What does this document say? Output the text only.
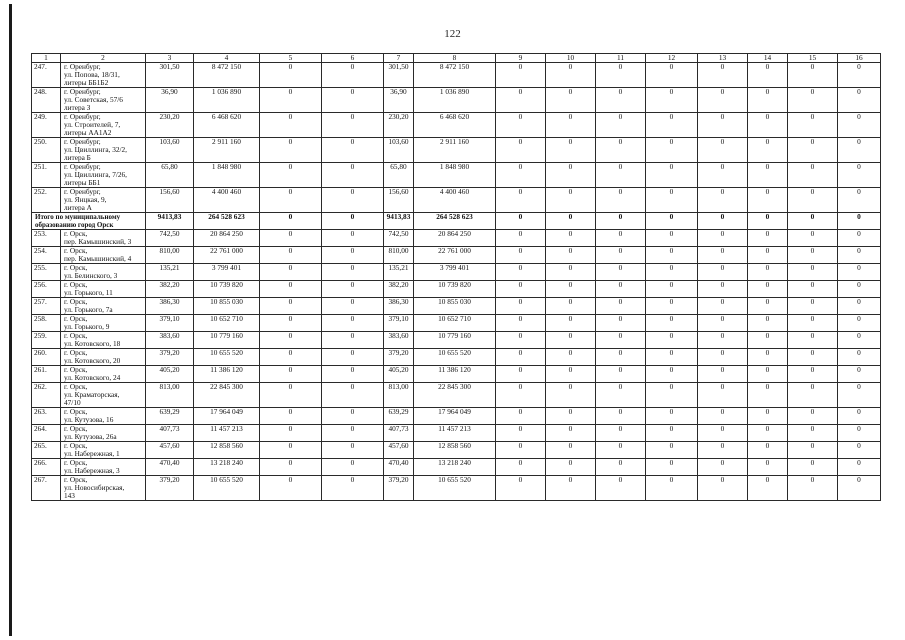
122
1	2	3	4	5	6	7	8	9	10	11	12	13	14	15	16
247.	г. Оренбург,
ул. Попова, 18/31,
литеры ББ1Б2	301,50	8 472 150	0	0	301,50	8 472 150	0	0	0	0	0	0	0	0
248.	г. Оренбург,
ул. Советская, 57/6
литера З	36,90	1 036 890	0	0	36,90	1 036 890	0	0	0	0	0	0	0	0
249.	г. Оренбург,
ул. Строителей, 7,
литеры АА1А2	230,20	6 468 620	0	0	230,20	6 468 620	0	0	0	0	0	0	0	0
250.	г. Оренбург,
ул. Цвиллинга, 32/2,
литера Б	103,60	2 911 160	0	0	103,60	2 911 160	0	0	0	0	0	0	0	0
251.	г. Оренбург,
ул. Цвиллинга, 7/26,
литеры ББ1	65,80	1 848 980	0	0	65,80	1 848 980	0	0	0	0	0	0	0	0
252.	г. Оренбург,
ул. Янцкая, 9,
литера А	156,60	4 400 460	0	0	156,60	4 400 460	0	0	0	0	0	0	0	0

Итого по муниципальному
образованию город Орск		9413,83	264 528 623	0	0	9413,83	264 528 623	0	0	0	0	0	0	0	0
253.	г. Орск,
пер. Камышинский, 3	742,50	20 864 250	0	0	742,50	20 864 250	0	0	0	0	0	0	0	0
254.	г. Орск,
пер. Камышинский, 4	810,00	22 761 000	0	0	810,00	22 761 000	0	0	0	0	0	0	0	0
255.	г. Орск,
ул. Белинского, 3	135,21	3 799 401	0	0	135,21	3 799 401	0	0	0	0	0	0	0	0
256.	г. Орск,
ул. Горького, 11	382,20	10 739 820	0	0	382,20	10 739 820	0	0	0	0	0	0	0	0
257.	г. Орск,
ул. Горького, 7а	386,30	10 855 030	0	0	386,30	10 855 030	0	0	0	0	0	0	0	0
258.	г. Орск,
ул. Горького, 9	379,10	10 652 710	0	0	379,10	10 652 710	0	0	0	0	0	0	0	0
259.	г. Орск,
ул. Котовского, 18	383,60	10 779 160	0	0	383,60	10 779 160	0	0	0	0	0	0	0	0
260.	г. Орск,
ул. Котовского, 20	379,20	10 655 520	0	0	379,20	10 655 520	0	0	0	0	0	0	0	0
261.	г. Орск,
ул. Котовского, 24	405,20	11 386 120	0	0	405,20	11 386 120	0	0	0	0	0	0	0	0
262.	г. Орск,
ул. Краматорская,
47/10	813,00	22 845 300	0	0	813,00	22 845 300	0	0	0	0	0	0	0	0
263.	г. Орск,
ул. Кутузова, 16	639,29	17 964 049	0	0	639,29	17 964 049	0	0	0	0	0	0	0	0
264.	г. Орск,
ул. Кутузова, 26а	407,73	11 457 213	0	0	407,73	11 457 213	0	0	0	0	0	0	0	0
265.	г. Орск,
ул. Набережная, 1	457,60	12 858 560	0	0	457,60	12 858 560	0	0	0	0	0	0	0	0
266.	г. Орск,
ул. Набережная, 3	470,40	13 218 240	0	0	470,40	13 218 240	0	0	0	0	0	0	0	0
267.	г. Орск,
ул. Новосибирская,
143	379,20	10 655 520	0	0	379,20	10 655 520	0	0	0	0	0	0	0	0
